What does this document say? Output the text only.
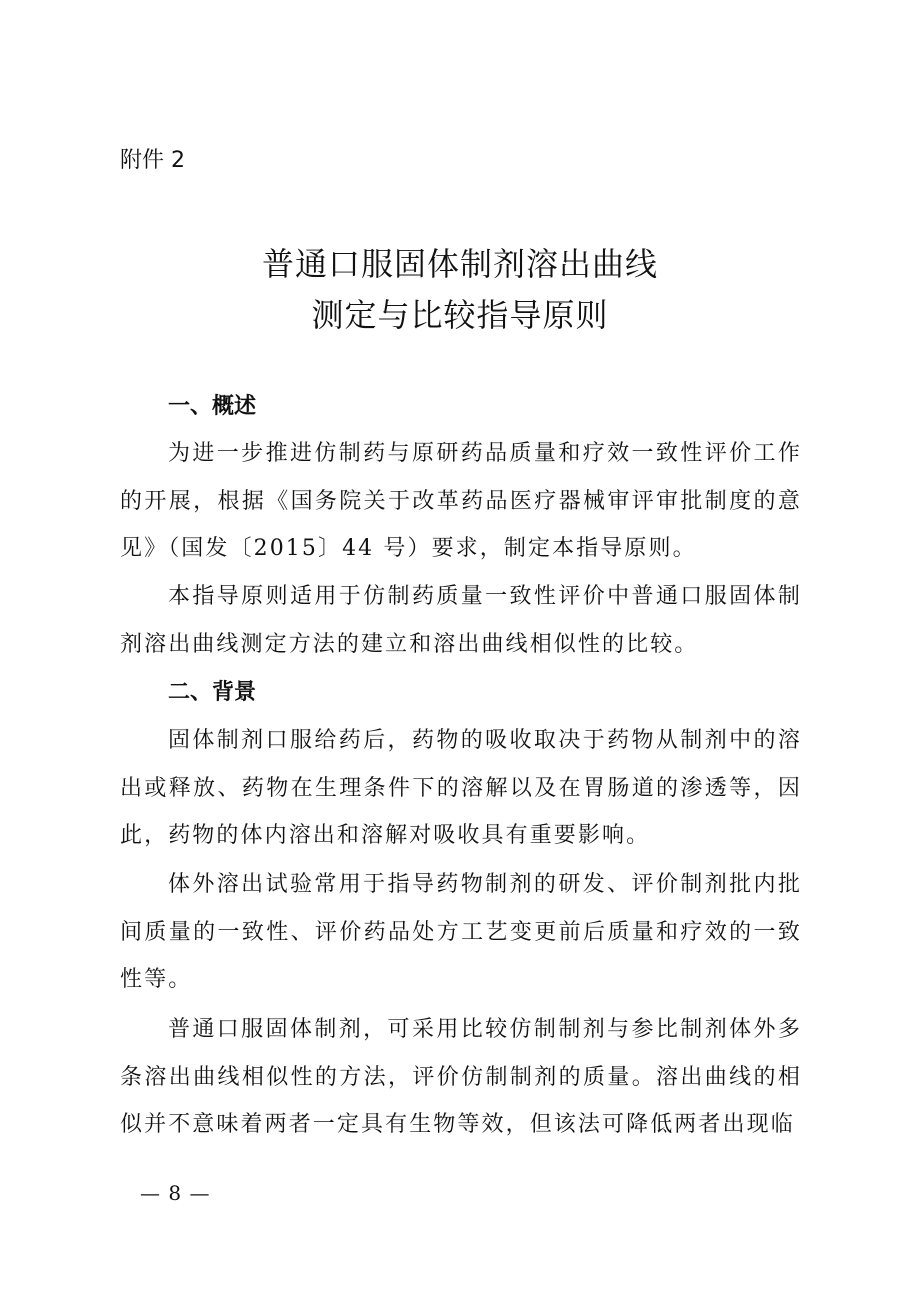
附件 2

普通口服固体制剂溶出曲线
测定与比较指导原则
一、概述

为进一步推进仿制药与原研药品质量和疗效一致性评价工作的开展，根据《国务院关于改革药品医疗器械审评审批制度的意见》（国发〔2015〕44 号）要求，制定本指导原则。

本指导原则适用于仿制药质量一致性评价中普通口服固体制剂溶出曲线测定方法的建立和溶出曲线相似性的比较。

二、背景

固体制剂口服给药后，药物的吸收取决于药物从制剂中的溶出或释放、药物在生理条件下的溶解以及在胃肠道的渗透等，因此，药物的体内溶出和溶解对吸收具有重要影响。

体外溶出试验常用于指导药物制剂的研发、评价制剂批内批间质量的一致性、评价药品处方工艺变更前后质量和疗效的一致性等。

普通口服固体制剂，可采用比较仿制制剂与参比制剂体外多条溶出曲线相似性的方法，评价仿制制剂的质量。溶出曲线的相似并不意味着两者一定具有生物等效，但该法可降低两者出现临

— 8 —
